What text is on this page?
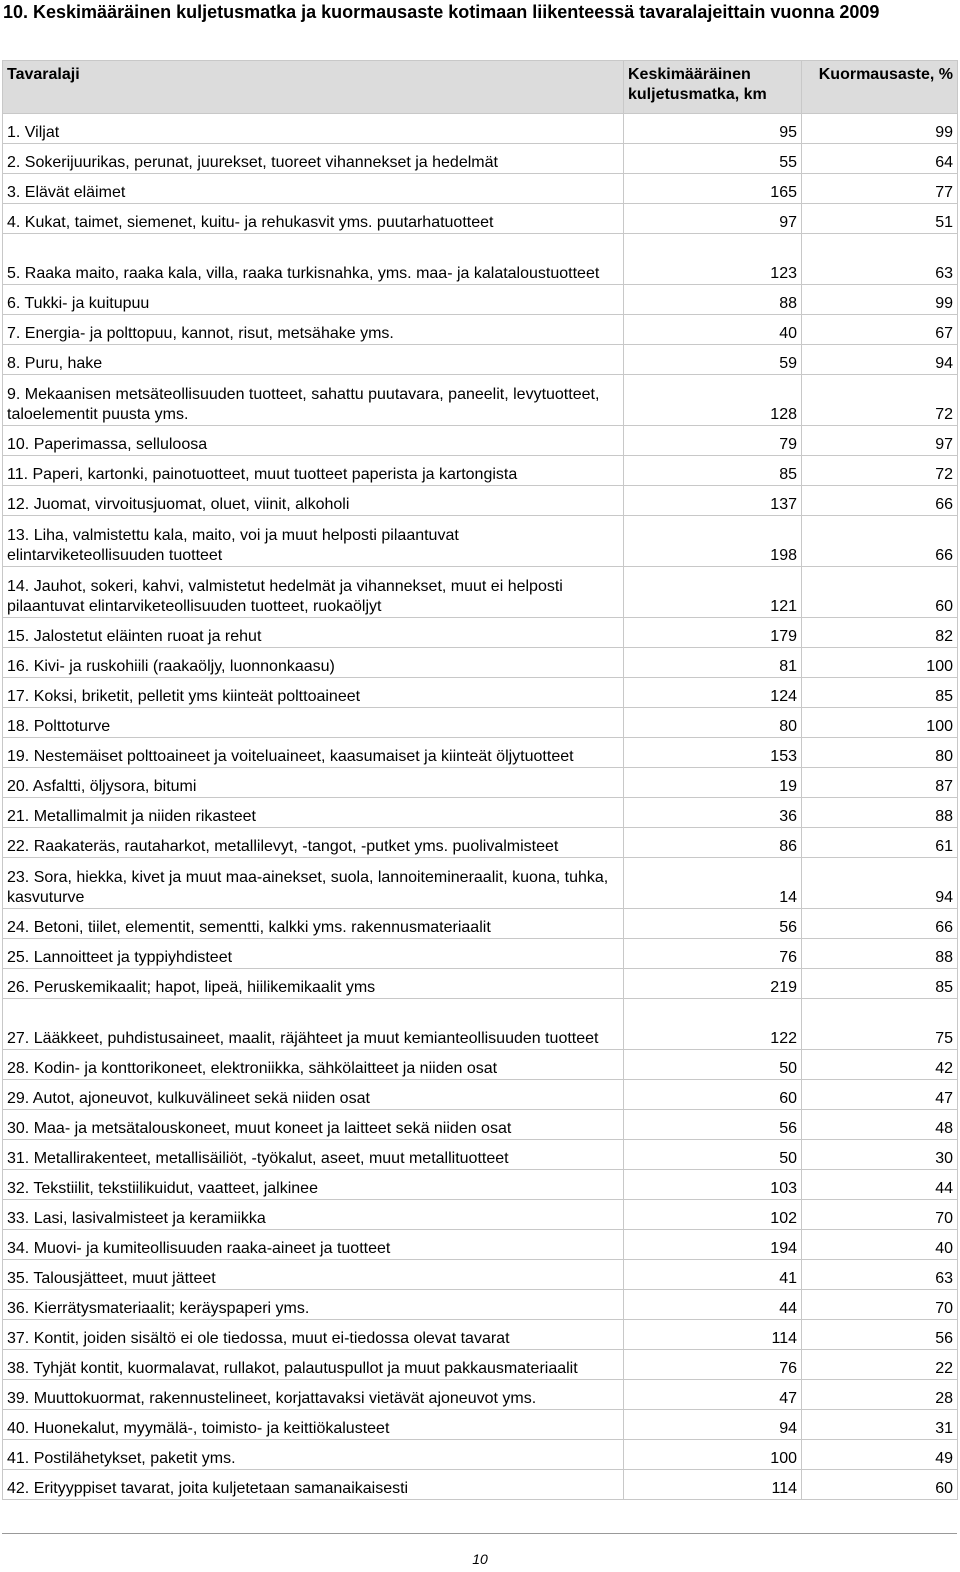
10. Keskimääräinen kuljetusmatka ja kuormausaste kotimaan liikenteessä tavaralajeittain vuonna 2009
Tavaralaji	Keskimääräinen kuljetusmatka, km	Kuormausaste, %
1. Viljat	95	99
2. Sokerijuurikas, perunat, juurekset, tuoreet vihannekset ja hedelmät	55	64
3. Elävät eläimet	165	77
4. Kukat, taimet, siemenet, kuitu- ja rehukasvit yms. puutarhatuotteet	97	51
5. Raaka maito, raaka kala, villa, raaka turkisnahka, yms. maa- ja kalataloustuotteet	123	63
6. Tukki- ja kuitupuu	88	99
7. Energia- ja polttopuu, kannot, risut, metsähake yms.	40	67
8. Puru, hake	59	94
9. Mekaanisen metsäteollisuuden tuotteet, sahattu puutavara, paneelit, levytuotteet, taloelementit puusta yms.	128	72
10. Paperimassa, selluloosa	79	97
11. Paperi, kartonki, painotuotteet, muut tuotteet paperista ja kartongista	85	72
12. Juomat, virvoitusjuomat, oluet, viinit, alkoholi	137	66
13. Liha, valmistettu kala, maito, voi ja muut helposti pilaantuvat elintarviketeollisuuden tuotteet	198	66
14. Jauhot, sokeri, kahvi, valmistetut hedelmät ja vihannekset, muut ei helposti pilaantuvat elintarviketeollisuuden tuotteet, ruokaöljyt	121	60
15. Jalostetut eläinten ruoat ja rehut	179	82
16. Kivi- ja ruskohiili (raakaöljy, luonnonkaasu)	81	100
17. Koksi, briketit, pelletit yms kiinteät polttoaineet	124	85
18. Polttoturve	80	100
19. Nestemäiset polttoaineet ja voiteluaineet, kaasumaiset ja kiinteät öljytuotteet	153	80
20. Asfaltti, öljysora, bitumi	19	87
21. Metallimalmit ja niiden rikasteet	36	88
22. Raakateräs, rautaharkot, metallilevyt, -tangot, -putket yms. puolivalmisteet	86	61
23. Sora, hiekka, kivet ja muut maa-ainekset, suola, lannoitemineraalit, kuona, tuhka, kasvuturve	14	94
24. Betoni, tiilet, elementit, sementti, kalkki yms. rakennusmateriaalit	56	66
25. Lannoitteet ja typpiyhdisteet	76	88
26. Peruskemikaalit; hapot, lipeä, hiilikemikaalit yms	219	85
27. Lääkkeet, puhdistusaineet, maalit, räjähteet ja muut kemianteollisuuden tuotteet	122	75
28. Kodin- ja konttorikoneet, elektroniikka, sähkölaitteet ja niiden osat	50	42
29. Autot, ajoneuvot, kulkuvälineet sekä niiden osat	60	47
30. Maa- ja metsätalouskoneet, muut koneet ja laitteet sekä niiden osat	56	48
31. Metallirakenteet, metallisäiliöt, -työkalut, aseet, muut metallituotteet	50	30
32. Tekstiilit, tekstiilikuidut, vaatteet, jalkinee	103	44
33. Lasi, lasivalmisteet ja keramiikka	102	70
34. Muovi- ja kumiteollisuuden raaka-aineet ja tuotteet	194	40
35. Talousjätteet, muut jätteet	41	63
36. Kierrätysmateriaalit; keräyspaperi yms.	44	70
37. Kontit, joiden sisältö ei ole tiedossa, muut ei-tiedossa olevat tavarat	114	56
38. Tyhjät kontit, kuormalavat, rullakot, palautuspullot ja muut pakkausmateriaalit	76	22
39. Muuttokuormat, rakennustelineet, korjattavaksi vietävät ajoneuvot yms.	47	28
40. Huonekalut, myymälä-, toimisto- ja keittiökalusteet	94	31
41. Postilähetykset, paketit yms.	100	49
42. Erityyppiset tavarat, joita kuljetetaan samanaikaisesti	114	60
10
